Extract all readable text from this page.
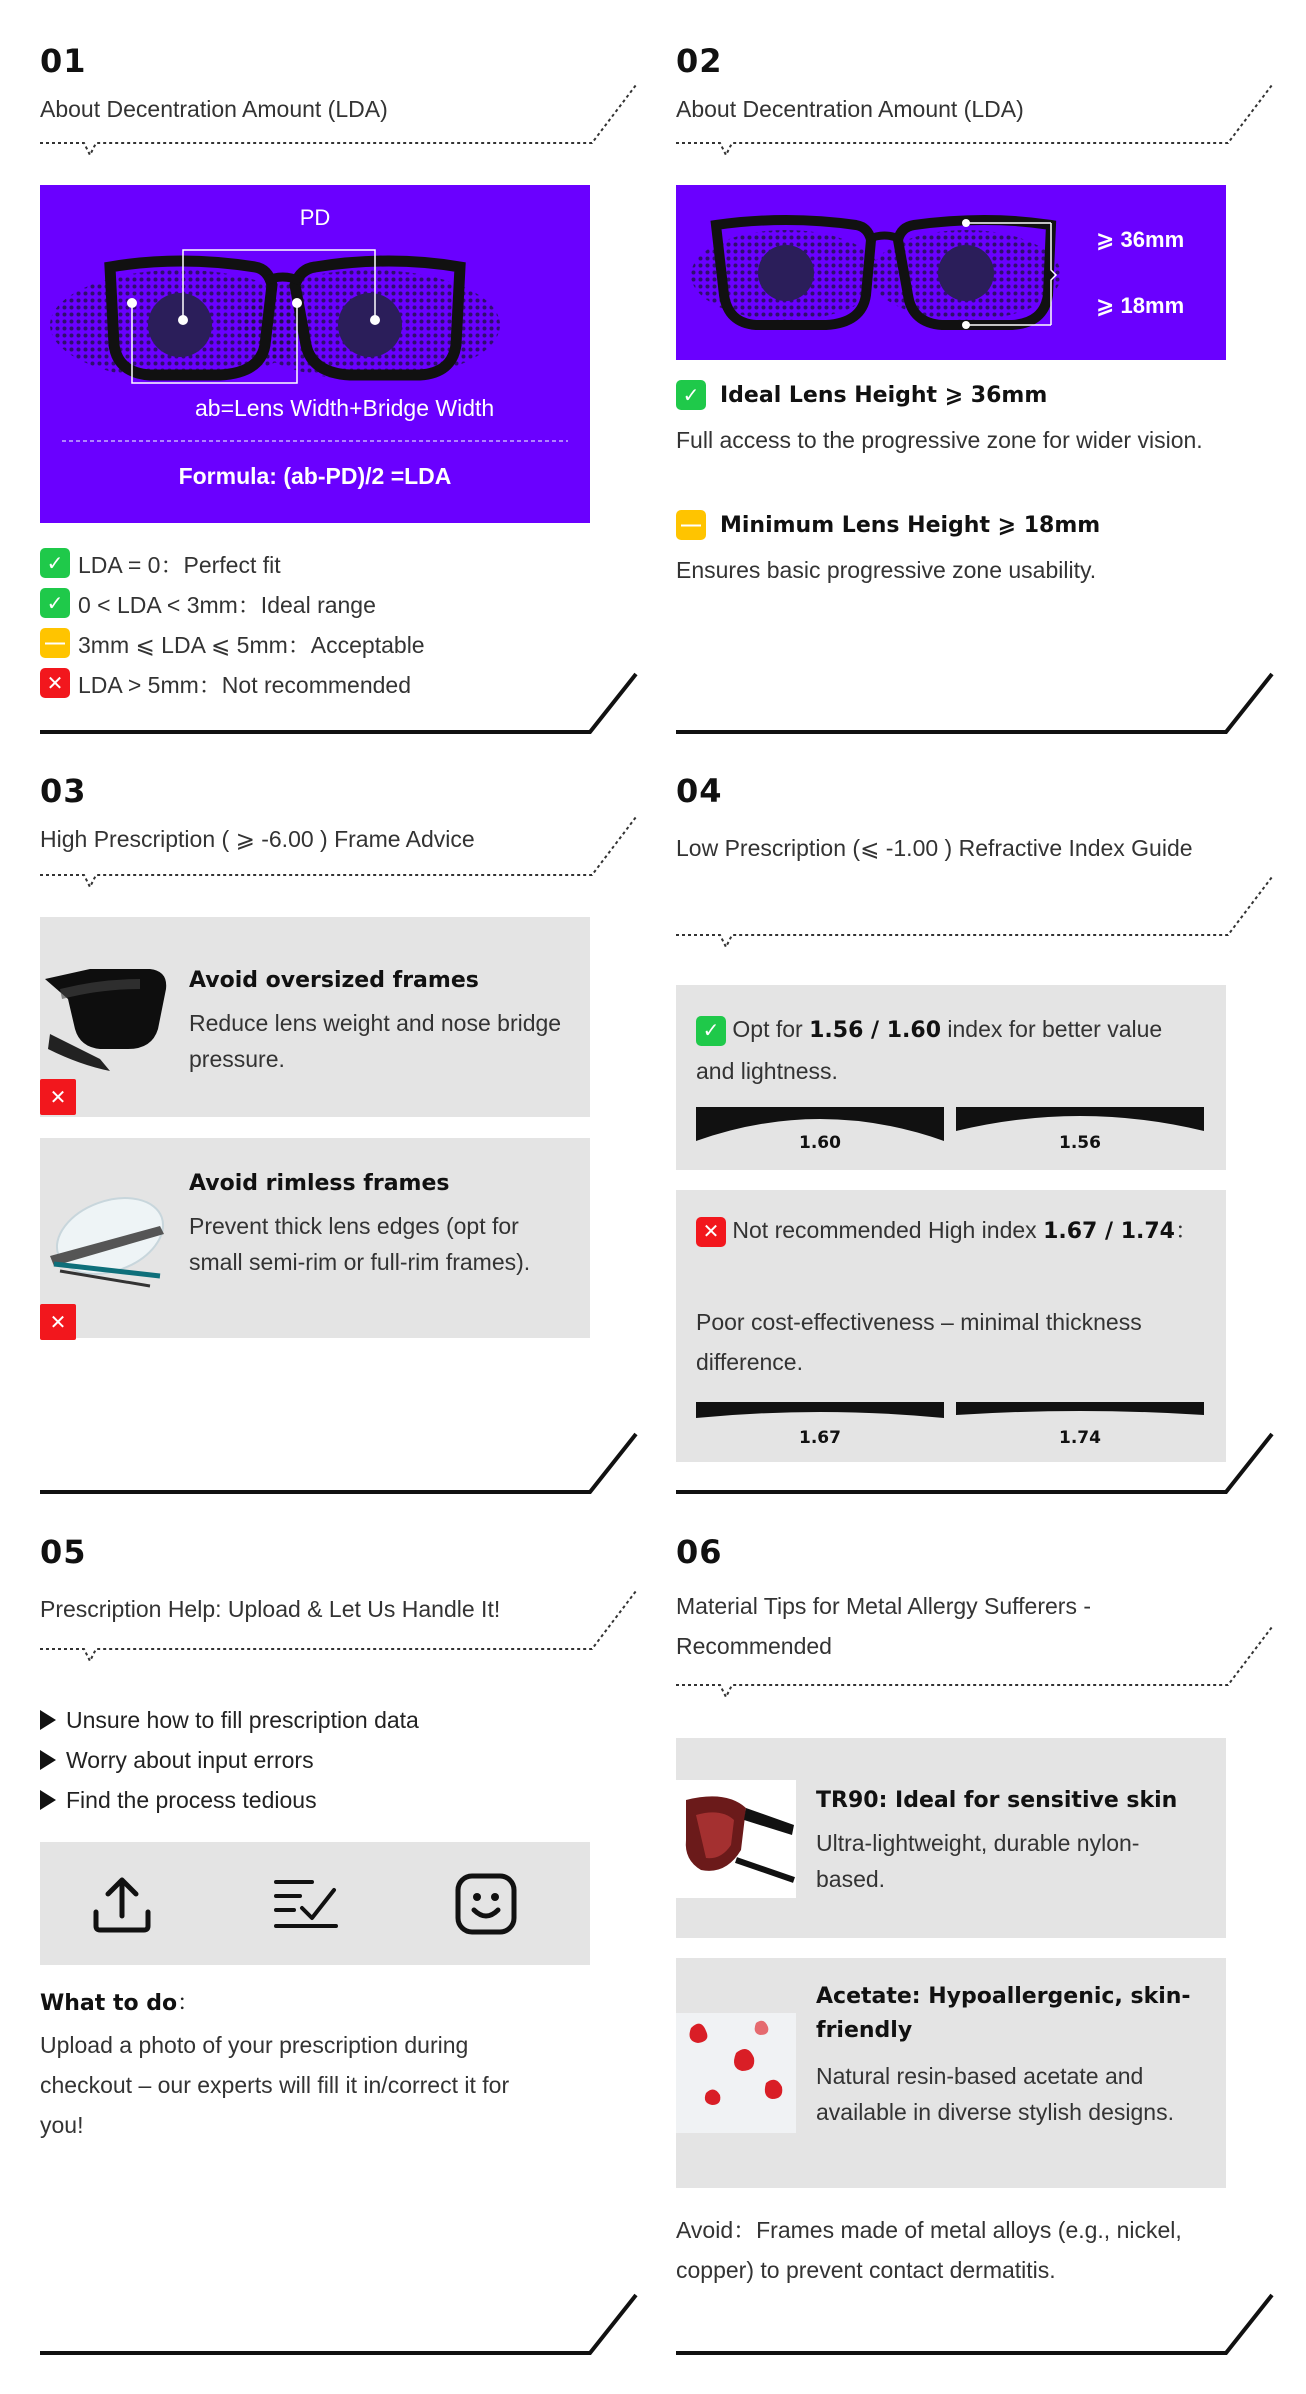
01
About Decentration Amount (LDA)
PD
ab=Lens Width+Bridge Width
Formula: (ab-PD)/2 =LDA
✓ LDA = 0：Perfect fit
✓ 0 < LDA < 3mm：Ideal range
— 3mm ⩽ LDA ⩽ 5mm：Acceptable
✕ LDA > 5mm：Not recommended
02
About Decentration Amount (LDA)
⩾ 36mm
⩾ 18mm
✓ Ideal Lens Height ⩾ 36mm
Full access to the progressive zone for wider vision.
— Minimum Lens Height ⩾ 18mm
Ensures basic progressive zone usability.
03
High Prescription ( ⩾ -6.00 ) Frame Advice
✕
Avoid oversized frames
Reduce lens weight and nose bridge pressure.
✕
Avoid rimless frames
Prevent thick lens edges (opt for small semi-rim or full-rim frames).
04
Low Prescription (⩽ -1.00 ) Refractive Index Guide
✓ Opt for 1.56 / 1.60 index for better value and lightness.
1.60	1.56
✕ Not recommended High index 1.67 / 1.74：
Poor cost-effectiveness – minimal thickness difference.
1.67	1.74
05
Prescription Help: Upload & Let Us Handle It!
Unsure how to fill prescription data
Worry about input errors
Find the process tedious
What to do：
Upload a photo of your prescription during checkout – our experts will fill it in/correct it for you!
06
Material Tips for Metal Allergy Sufferers - Recommended
TR90: Ideal for sensitive skin
Ultra-lightweight, durable nylon-based.
Acetate: Hypoallergenic, skin-friendly
Natural resin-based acetate and available in diverse stylish designs.
Avoid：Frames made of metal alloys (e.g., nickel, copper) to prevent contact dermatitis.
